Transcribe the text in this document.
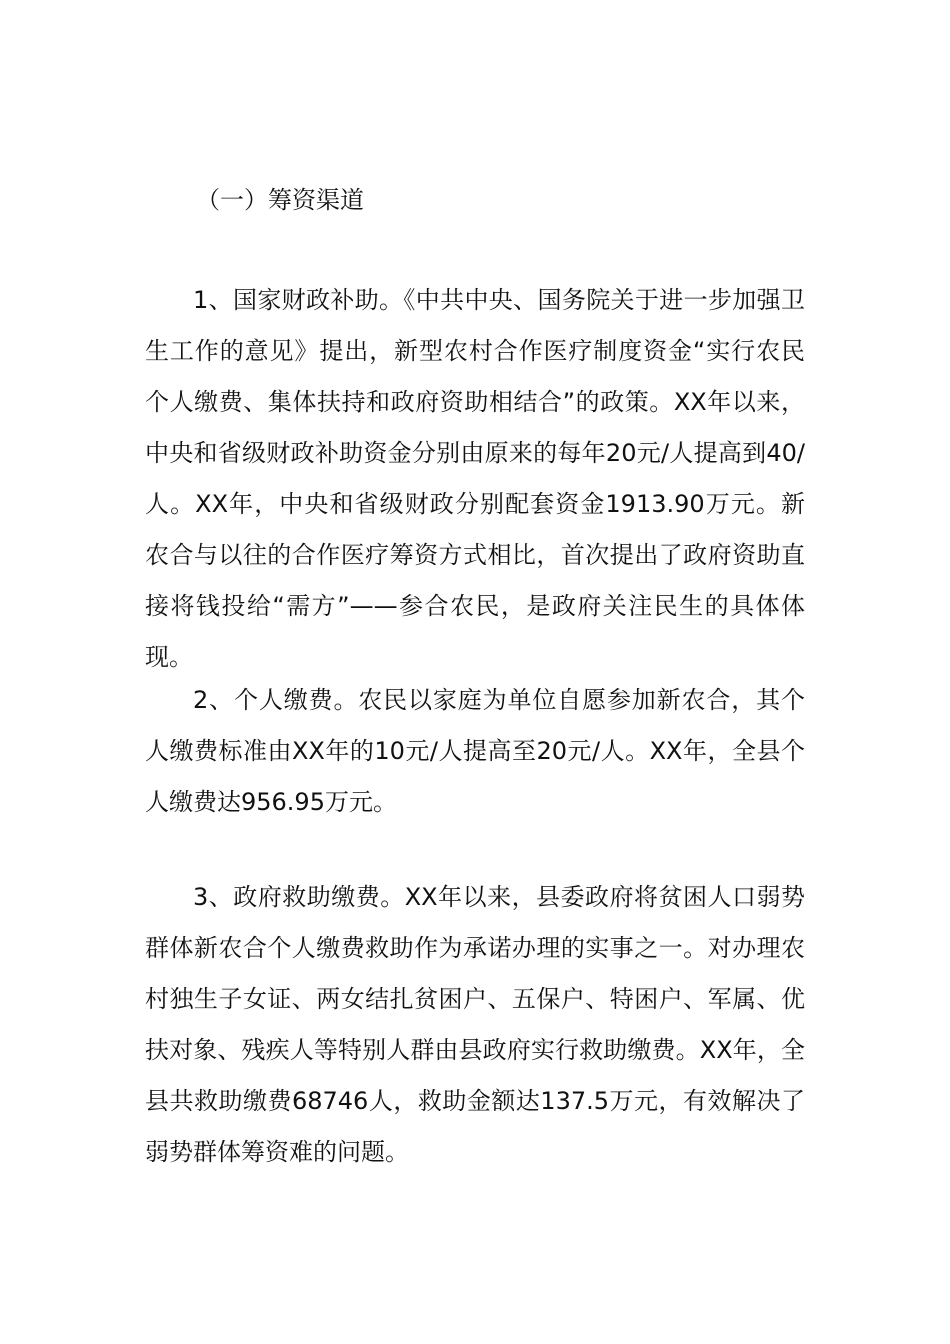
（一）筹资渠道

1、国家财政补助。《中共中央、国务院关于进一步加强卫生工作的意见》提出，新型农村合作医疗制度资金“实行农民个人缴费、集体扶持和政府资助相结合”的政策。XX年以来，中央和省级财政补助资金分别由原来的每年20元/人提高到40/人。XX年，中央和省级财政分别配套资金1913.90万元。新农合与以往的合作医疗筹资方式相比，首次提出了政府资助直接将钱投给“需方”——参合农民，是政府关注民生的具体体现。

2、个人缴费。农民以家庭为单位自愿参加新农合，其个人缴费标准由XX年的10元/人提高至20元/人。XX年，全县个人缴费达956.95万元。

3、政府救助缴费。XX年以来，县委政府将贫困人口弱势群体新农合个人缴费救助作为承诺办理的实事之一。对办理农村独生子女证、两女结扎贫困户、五保户、特困户、军属、优扶对象、残疾人等特别人群由县政府实行救助缴费。XX年，全县共救助缴费68746人，救助金额达137.5万元，有效解决了弱势群体筹资难的问题。
